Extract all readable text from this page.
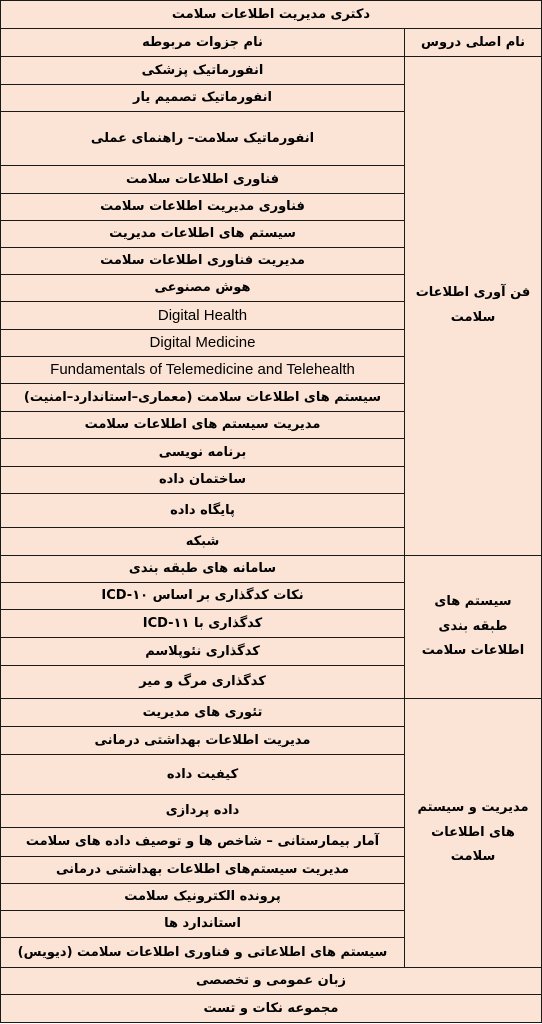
دکتری مدیریت اطلاعات سلامت	
نام اصلی دروس	نام جزوات مربوطه
فن آوری اطلاعات سلامت	انفورماتیک پزشکی
	انفورماتیک تصمیم یار
	انفورماتیک سلامت– راهنمای عملی
	فناوری اطلاعات سلامت
	فناوری مدیریت اطلاعات سلامت
	سیستم های اطلاعات مدیریت
	مدیریت فناوری اطلاعات سلامت
	هوش مصنوعی
	Digital Health
	Digital Medicine
	Fundamentals of Telemedicine and Telehealth
	سیستم های اطلاعات سلامت (معماری–استاندارد–امنیت)
	مدیریت سیستم های اطلاعات سلامت
	برنامه نویسی
	ساختمان داده
	پایگاه داده
	شبکه
سیستم های طبقه بندی اطلاعات سلامت	سامانه های طبقه بندی
	نکات کدگذاری بر اساس ICD-۱۰
	کدگذاری با ICD-۱۱
	کدگذاری نئوپلاسم
	کدگذاری مرگ و میر
مدیریت و سیستم های اطلاعات سلامت	تئوری های مدیریت
	مدیریت اطلاعات بهداشتی درمانی
	کیفیت داده
	داده پردازی
	آمار بیمارستانی – شاخص ها و توصیف داده های سلامت
	مدیریت سیستم‌های اطلاعات بهداشتی درمانی
	پرونده الکترونیک سلامت
	استاندارد ها
	سیستم های اطلاعاتی و فناوری اطلاعات سلامت (دیویس)
زبان عمومی و تخصصی	
مجموعه نکات و تست	
